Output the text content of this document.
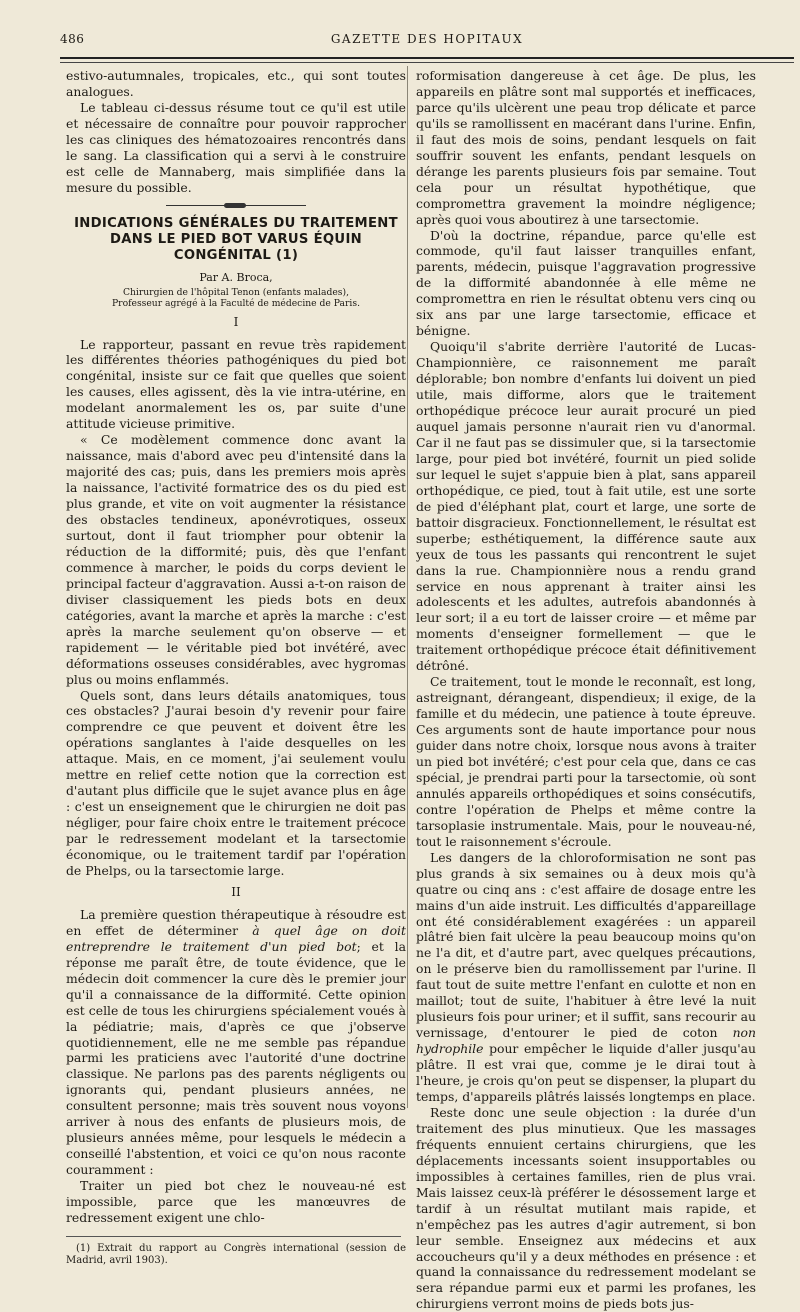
486	GAZETTE DES HOPITAUX

estivo-autumnales, tropicales, etc., qui sont toutes analogues.

Le tableau ci-dessus résume tout ce qu'il est utile et nécessaire de connaître pour pouvoir rapprocher les cas cliniques des hématozoaires rencontrés dans le sang. La classification qui a servi à le construire est celle de Mannaberg, mais simplifiée dans la mesure du possible.

INDICATIONS GÉNÉRALES DU TRAITEMENT DANS LE PIED BOT VARUS ÉQUIN CONGÉNITAL (1)
Par A. Broca,
Chirurgien de l'hôpital Tenon (enfants malades),
Professeur agrégé à la Faculté de médecine de Paris.
I

Le rapporteur, passant en revue très rapidement les différentes théories pathogéniques du pied bot congénital, insiste sur ce fait que quelles que soient les causes, elles agissent, dès la vie intra-utérine, en modelant anormalement les os, par suite d'une attitude vicieuse primitive.

« Ce modèlement commence donc avant la naissance, mais d'abord avec peu d'intensité dans la majorité des cas; puis, dans les premiers mois après la naissance, l'activité formatrice des os du pied est plus grande, et vite on voit augmenter la résistance des obstacles tendineux, aponévrotiques, osseux surtout, dont il faut triompher pour obtenir la réduction de la difformité; puis, dès que l'enfant commence à marcher, le poids du corps devient le principal facteur d'aggravation. Aussi a-t-on raison de diviser classiquement les pieds bots en deux catégories, avant la marche et après la marche : c'est après la marche seulement qu'on observe — et rapidement — le véritable pied bot invétéré, avec déformations osseuses considérables, avec hygromas plus ou moins enflammés.

Quels sont, dans leurs détails anatomiques, tous ces obstacles? J'aurai besoin d'y revenir pour faire comprendre ce que peuvent et doivent être les opérations sanglantes à l'aide desquelles on les attaque. Mais, en ce moment, j'ai seulement voulu mettre en relief cette notion que la correction est d'autant plus difficile que le sujet avance plus en âge : c'est un enseignement que le chirurgien ne doit pas négliger, pour faire choix entre le traitement précoce par le redressement modelant et la tarsectomie économique, ou le traitement tardif par l'opération de Phelps, ou la tarsectomie large.

II

La première question thérapeutique à résoudre est en effet de déterminer à quel âge on doit entreprendre le traitement d'un pied bot; et la réponse me paraît être, de toute évidence, que le médecin doit commencer la cure dès le premier jour qu'il a connaissance de la difformité. Cette opinion est celle de tous les chirurgiens spécialement voués à la pédiatrie; mais, d'après ce que j'observe quotidiennement, elle ne me semble pas répandue parmi les praticiens avec l'autorité d'une doctrine classique. Ne parlons pas des parents négligents ou ignorants qui, pendant plusieurs années, ne consultent personne; mais très souvent nous voyons arriver à nous des enfants de plusieurs mois, de plusieurs années même, pour lesquels le médecin a conseillé l'abstention, et voici ce qu'on nous raconte couramment :

Traiter un pied bot chez le nouveau-né est impossible, parce que les manœuvres de redressement exigent une chlo-

(1) Extrait du rapport au Congrès international (session de Madrid, avril 1903).

roformisation dangereuse à cet âge. De plus, les appareils en plâtre sont mal supportés et inefficaces, parce qu'ils ulcèrent une peau trop délicate et parce qu'ils se ramollissent en macérant dans l'urine. Enfin, il faut des mois de soins, pendant lesquels on fait souffrir souvent les enfants, pendant lesquels on dérange les parents plusieurs fois par semaine. Tout cela pour un résultat hypothétique, que compromettra gravement la moindre négligence; après quoi vous aboutirez à une tarsectomie.

D'où la doctrine, répandue, parce qu'elle est commode, qu'il faut laisser tranquilles enfant, parents, médecin, puisque l'aggravation progressive de la difformité abandonnée à elle même ne compromettra en rien le résultat obtenu vers cinq ou six ans par une large tarsectomie, efficace et bénigne.

Quoiqu'il s'abrite derrière l'autorité de Lucas-Championnière, ce raisonnement me paraît déplorable; bon nombre d'enfants lui doivent un pied utile, mais difforme, alors que le traitement orthopédique précoce leur aurait procuré un pied auquel jamais personne n'aurait rien vu d'anormal. Car il ne faut pas se dissimuler que, si la tarsectomie large, pour pied bot invétéré, fournit un pied solide sur lequel le sujet s'appuie bien à plat, sans appareil orthopédique, ce pied, tout à fait utile, est une sorte de pied d'éléphant plat, court et large, une sorte de battoir disgracieux. Fonctionnellement, le résultat est superbe; esthétiquement, la différence saute aux yeux de tous les passants qui rencontrent le sujet dans la rue. Championnière nous a rendu grand service en nous apprenant à traiter ainsi les adolescents et les adultes, autrefois abandonnés à leur sort; il a eu tort de laisser croire — et même par moments d'enseigner formellement — que le traitement orthopédique précoce était définitivement détrôné.

Ce traitement, tout le monde le reconnaît, est long, astreignant, dérangeant, dispendieux; il exige, de la famille et du médecin, une patience à toute épreuve. Ces arguments sont de haute importance pour nous guider dans notre choix, lorsque nous avons à traiter un pied bot invétéré; c'est pour cela que, dans ce cas spécial, je prendrai parti pour la tarsectomie, où sont annulés appareils orthopédiques et soins consécutifs, contre l'opération de Phelps et même contre la tarsoplasie instrumentale. Mais, pour le nouveau-né, tout le raisonnement s'écroule.

Les dangers de la chloroformisation ne sont pas plus grands à six semaines ou à deux mois qu'à quatre ou cinq ans : c'est affaire de dosage entre les mains d'un aide instruit. Les difficultés d'appareillage ont été considérablement exagérées : un appareil plâtré bien fait ulcère la peau beaucoup moins qu'on ne l'a dit, et d'autre part, avec quelques précautions, on le préserve bien du ramollissement par l'urine. Il faut tout de suite mettre l'enfant en culotte et non en maillot; tout de suite, l'habituer à être levé la nuit plusieurs fois pour uriner; et il suffit, sans recourir au vernissage, d'entourer le pied de coton non hydrophile pour empêcher le liquide d'aller jusqu'au plâtre. Il est vrai que, comme je le dirai tout à l'heure, je crois qu'on peut se dispenser, la plupart du temps, d'appareils plâtrés laissés longtemps en place.

Reste donc une seule objection : la durée d'un traitement des plus minutieux. Que les massages fréquents ennuient certains chirurgiens, que les déplacements incessants soient insupportables ou impossibles à certaines familles, rien de plus vrai. Mais laissez ceux-là préférer le désossement large et tardif à un résultat mutilant mais rapide, et n'empêchez pas les autres d'agir autrement, si bon leur semble. Enseignez aux médecins et aux accoucheurs qu'il y a deux méthodes en présence : et quand la connaissance du redressement modelant se sera répandue parmi eux et parmi les profanes, les chirurgiens verront moins de pieds bots jus-
